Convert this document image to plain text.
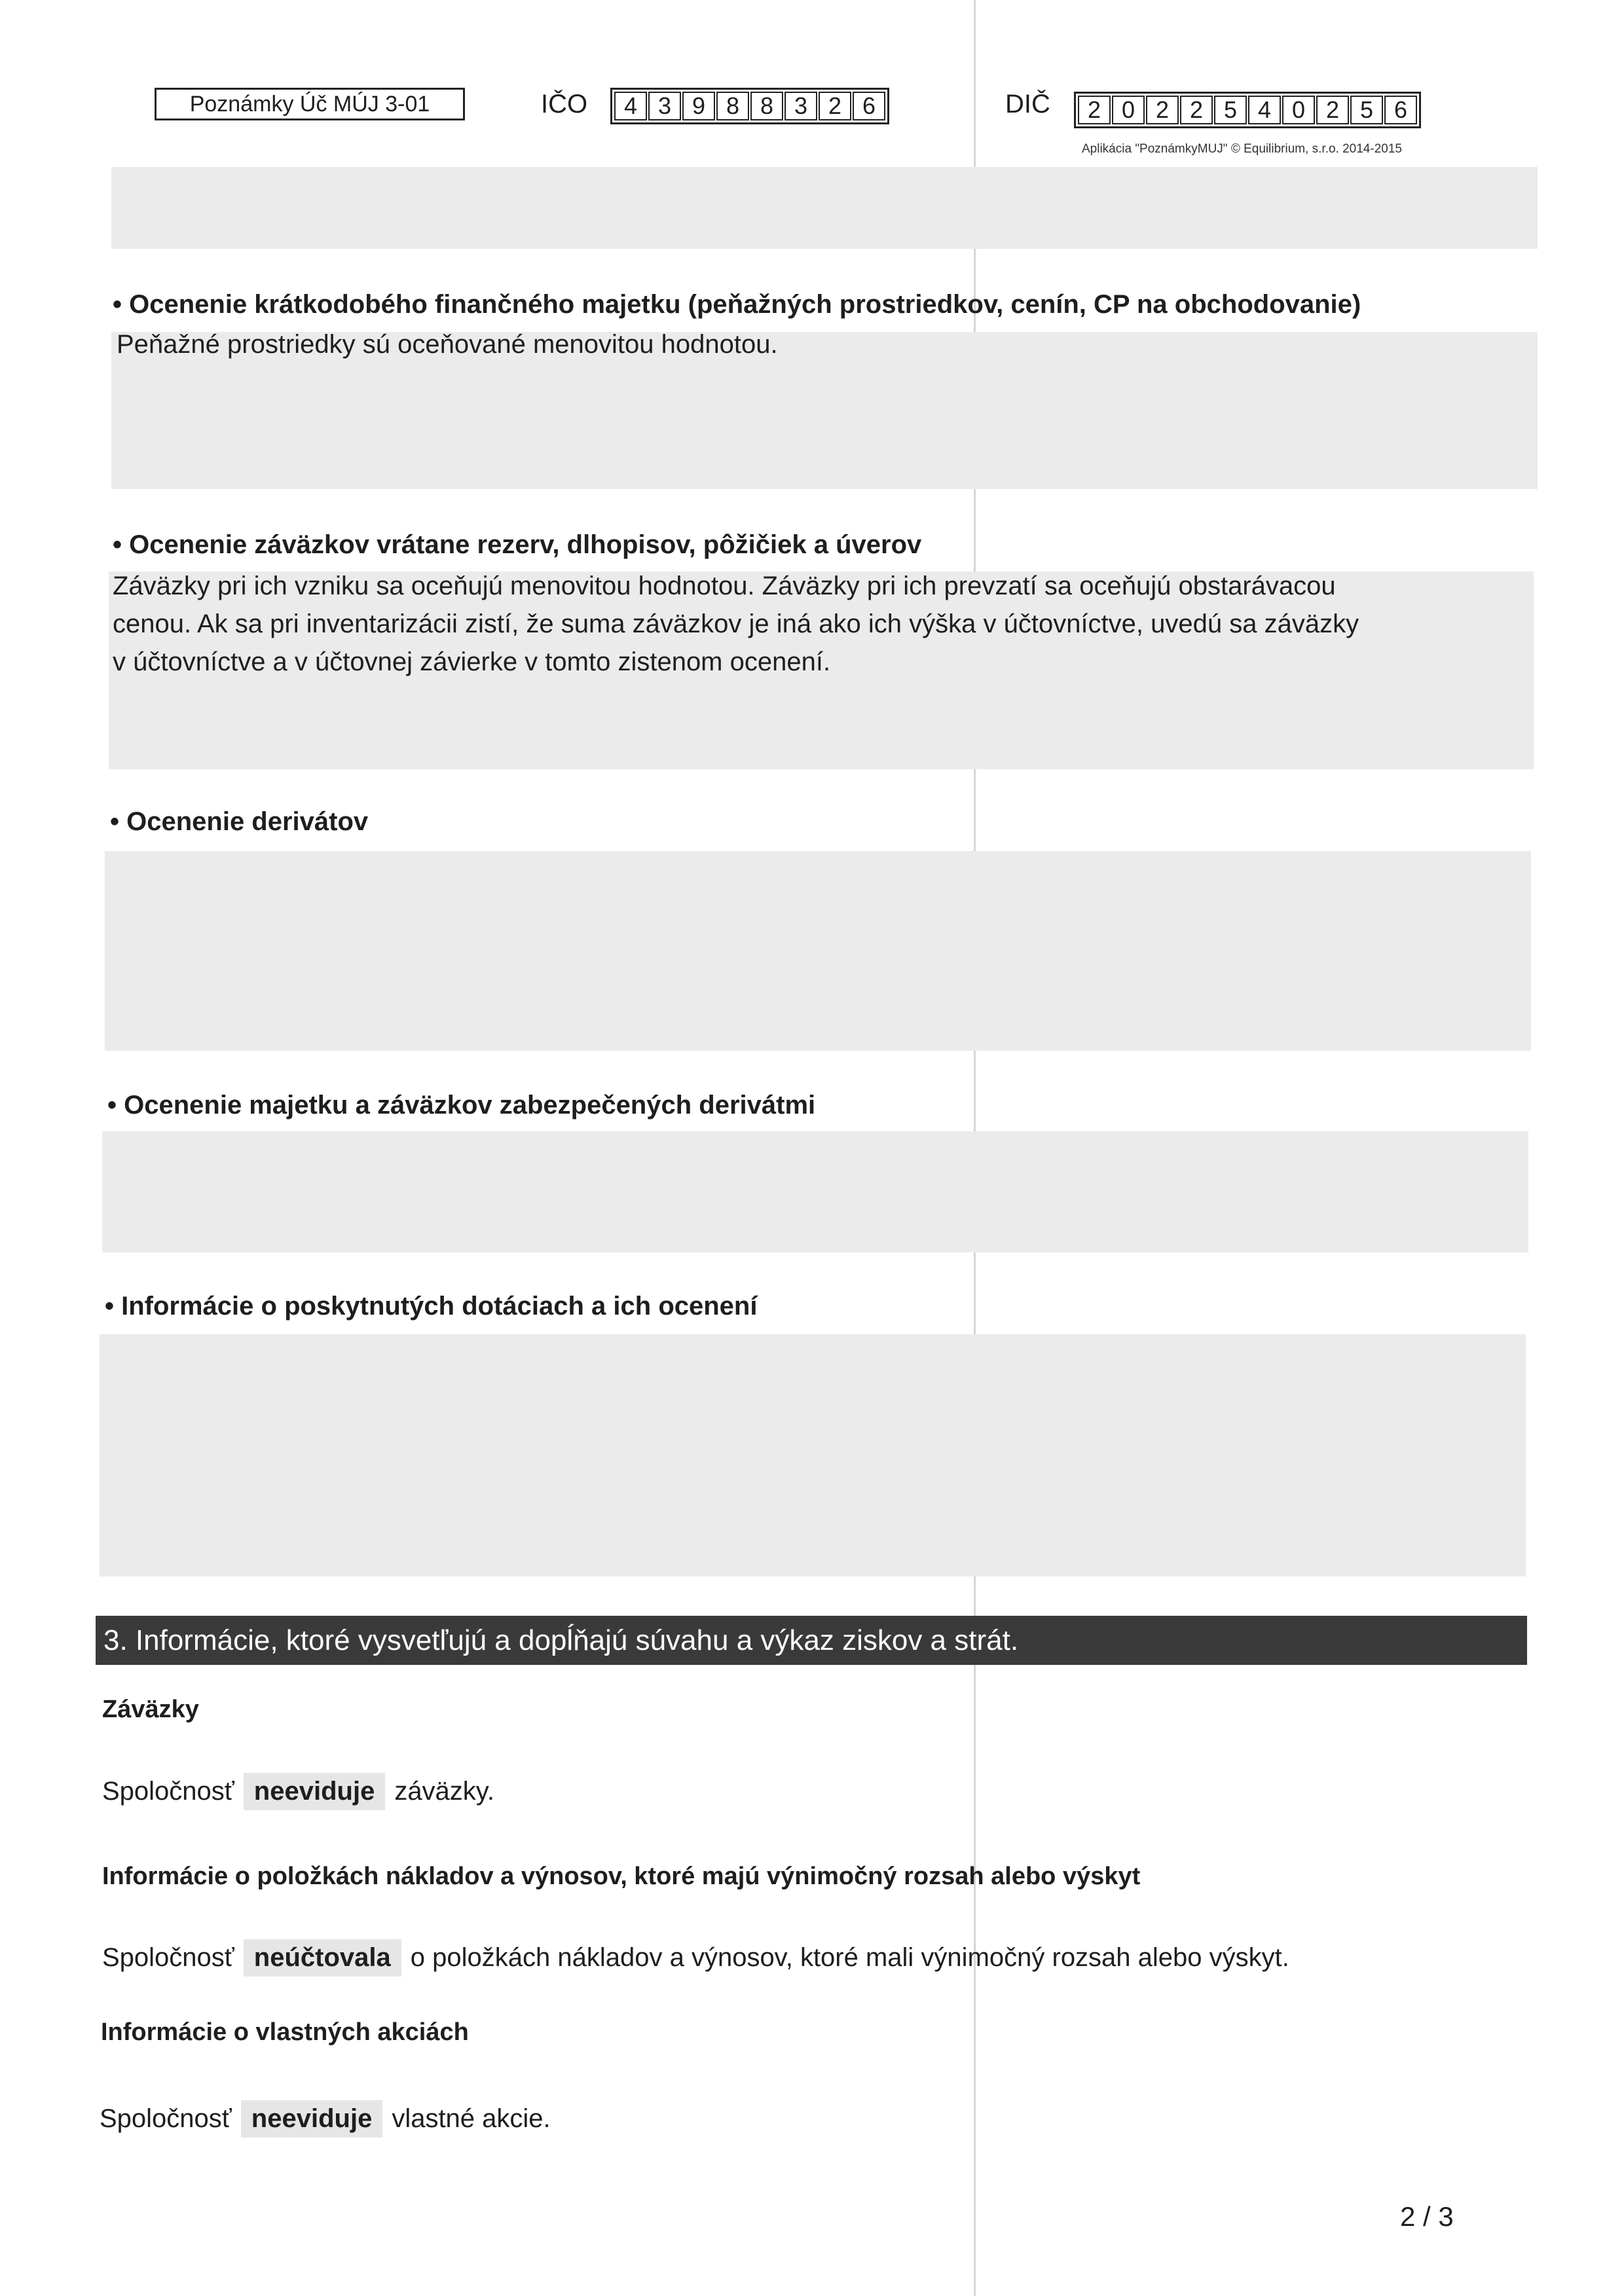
Poznámky Úč MÚJ 3-01	IČO	4 3 9 8 8 3 2 6	DIČ	2 0 2 2 5 4 0 2 5 6
Aplikácia "PoznámkyMUJ" © Equilibrium, s.r.o. 2014-2015
• Ocenenie krátkodobého finančného majetku (peňažných prostriedkov, cenín, CP na obchodovanie)

Peňažné prostriedky sú oceňované menovitou hodnotou.

• Ocenenie záväzkov vrátane rezerv, dlhopisov, pôžičiek a úverov

Záväzky pri ich vzniku sa oceňujú menovitou hodnotou. Záväzky pri ich prevzatí sa oceňujú obstarávacou

cenou. Ak sa pri inventarizácii zistí, že suma záväzkov je iná ako ich výška v účtovníctve, uvedú sa záväzky

v účtovníctve a v účtovnej závierke v tomto zistenom ocenení.

• Ocenenie derivátov
• Ocenenie majetku a záväzkov zabezpečených derivátmi
• Informácie o poskytnutých dotáciach a ich ocenení
3. Informácie, ktoré vysvetľujú a dopĺňajú súvahu a výkaz ziskov a strát.
Záväzky
Spoločnosť neeviduje záväzky.
Informácie o položkách nákladov a výnosov, ktoré majú výnimočný rozsah alebo výskyt
Spoločnosť neúčtovala o položkách nákladov a výnosov, ktoré mali výnimočný rozsah alebo výskyt.
Informácie o vlastných akciách
Spoločnosť neeviduje vlastné akcie.
2 / 3
